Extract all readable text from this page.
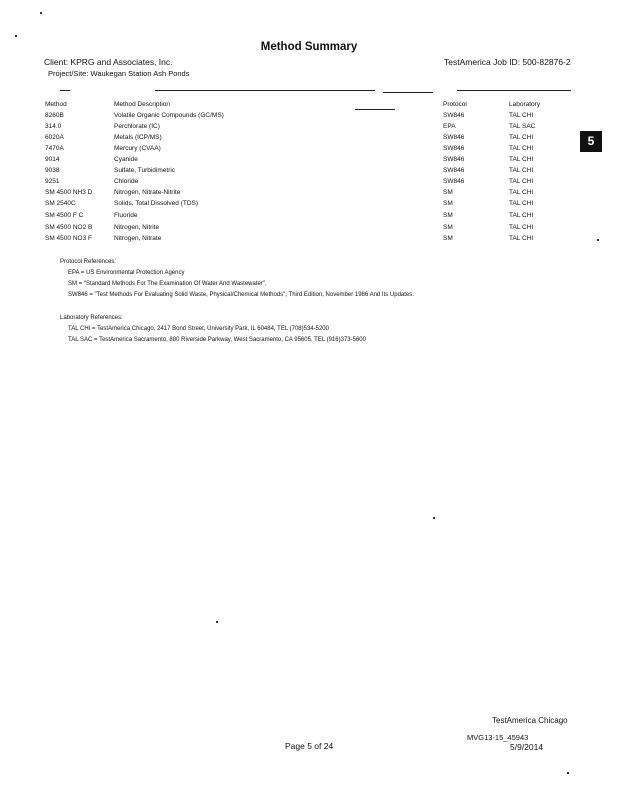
Method Summary
Client: KPRG and Associates, Inc.	TestAmerica Job ID: 500-82876-2
Project/Site: Waukegan Station Ash Ponds
Method	Method Description	Protocol	Laboratory
8260B	Volatile Organic Compounds (GC/MS)	SW846	TAL CHI
314.0	Perchlorate (IC)	EPA	TAL SAC
6020A	Metals (ICP/MS)	SW846	TAL CHI
7470A	Mercury (CVAA)	SW846	TAL CHI
9014	Cyanide	SW846	TAL CHI
9038	Sulfate, Turbidimetric	SW846	TAL CHI
9251	Chloride	SW846	TAL CHI
SM 4500 NH3 D	Nitrogen, Nitrate-Nitrite	SM	TAL CHI
SM 2540C	Solids, Total Dissolved (TDS)	SM	TAL CHI
SM 4500 F C	Fluoride	SM	TAL CHI
SM 4500 NO2 B	Nitrogen, Nitrite	SM	TAL CHI
SM 4500 NO3 F	Nitrogen, Nitrate	SM	TAL CHI
5
Protocol References:
EPA = US Environmental Protection Agency
SM = "Standard Methods For The Examination Of Water And Wastewater",
SW846 = "Test Methods For Evaluating Solid Waste, Physical/Chemical Methods", Third Edition, November 1986 And Its Updates.
Laboratory References:
TAL CHI = TestAmerica Chicago, 2417 Bond Street, University Park, IL 60484, TEL (708)534-5200
TAL SAC = TestAmerica Sacramento, 880 Riverside Parkway, West Sacramento, CA 95605, TEL (916)373-5600
TestAmerica Chicago
MVG13-15_45943
Page 5 of 24	5/9/2014
